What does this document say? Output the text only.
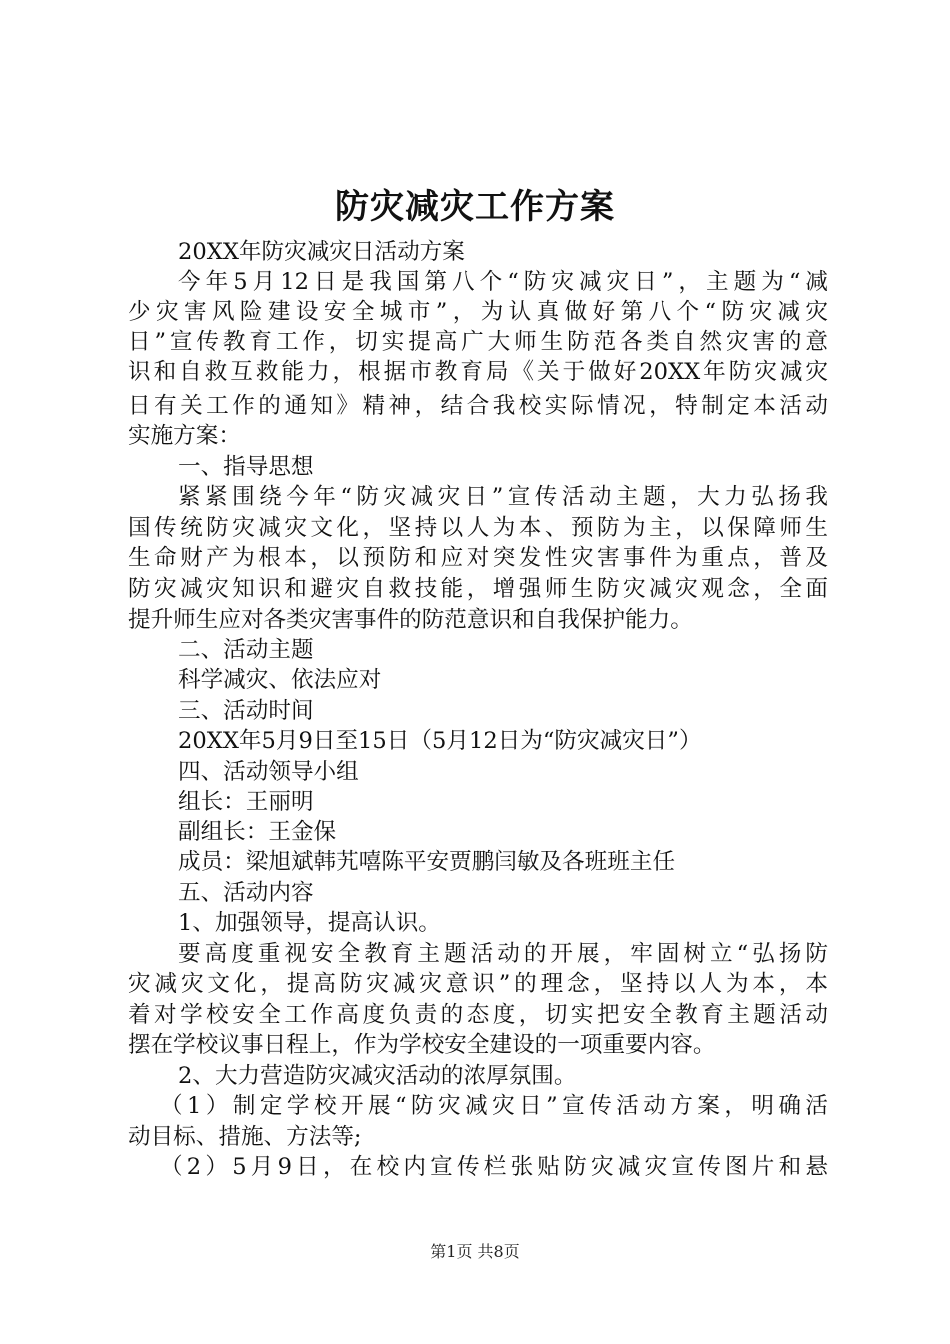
防灾减灾工作方案
20XX年防灾减灾日活动方案
今年5月12日是我国第八个“防灾减灾日”，主题为“减
少灾害风险建设安全城市”，为认真做好第八个“防灾减灾
日”宣传教育工作，切实提高广大师生防范各类自然灾害的意
识和自救互救能力，根据市教育局《关于做好20XX年防灾减灾
日有关工作的通知》精神，结合我校实际情况，特制定本活动
实施方案：
一、指导思想
紧紧围绕今年“防灾减灾日”宣传活动主题，大力弘扬我
国传统防灾减灾文化，坚持以人为本、预防为主，以保障师生
生命财产为根本，以预防和应对突发性灾害事件为重点，普及
防灾减灾知识和避灾自救技能，增强师生防灾减灾观念，全面
提升师生应对各类灾害事件的防范意识和自我保护能力。
二、活动主题
科学减灾、依法应对
三、活动时间
20XX年5月9日至15日（5月12日为“防灾减灾日”）
四、活动领导小组
组长：王丽明
副组长：王金保
成员：梁旭斌韩艽嘻陈平安贾鹏闫敏及各班班主任
五、活动内容
1、加强领导，提高认识。
要高度重视安全教育主题活动的开展，牢固树立“弘扬防
灾减灾文化，提高防灾减灾意识”的理念，坚持以人为本，本
着对学校安全工作高度负责的态度，切实把安全教育主题活动
摆在学校议事日程上，作为学校安全建设的一项重要内容。
2、大力营造防灾减灾活动的浓厚氛围。
（1）制定学校开展“防灾减灾日”宣传活动方案，明确活
动目标、措施、方法等;
（2）5月9日，在校内宣传栏张贴防灾减灾宣传图片和悬
第1页 共8页
